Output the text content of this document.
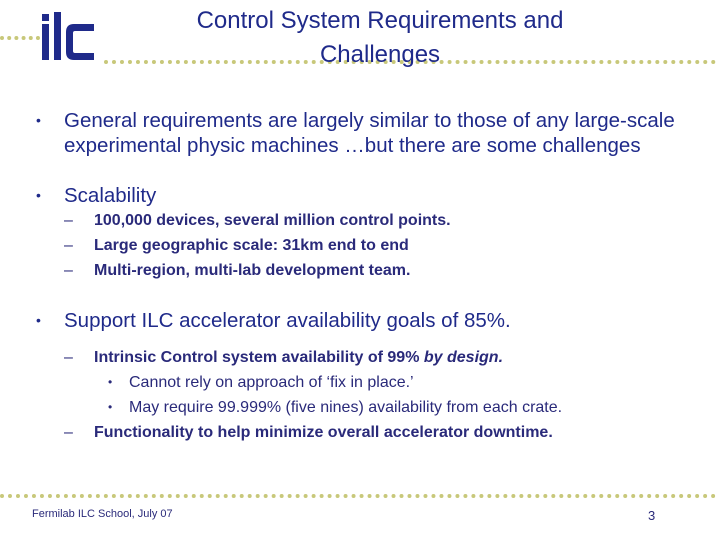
Control System Requirements and
Challenges
• General requirements are largely similar to those of any large-scale experimental physic machines …but there are some challenges
• Scalability
– 100,000 devices, several million control points.
– Large geographic scale: 31km end to end
– Multi-region, multi-lab development team.
• Support ILC accelerator availability goals of 85%.
– Intrinsic Control system availability of 99% by design.
• Cannot rely on approach of ‘fix in place.’
• May require 99.999% (five nines) availability from each crate.
– Functionality to help minimize overall accelerator downtime.
Fermilab ILC School, July 07	3
